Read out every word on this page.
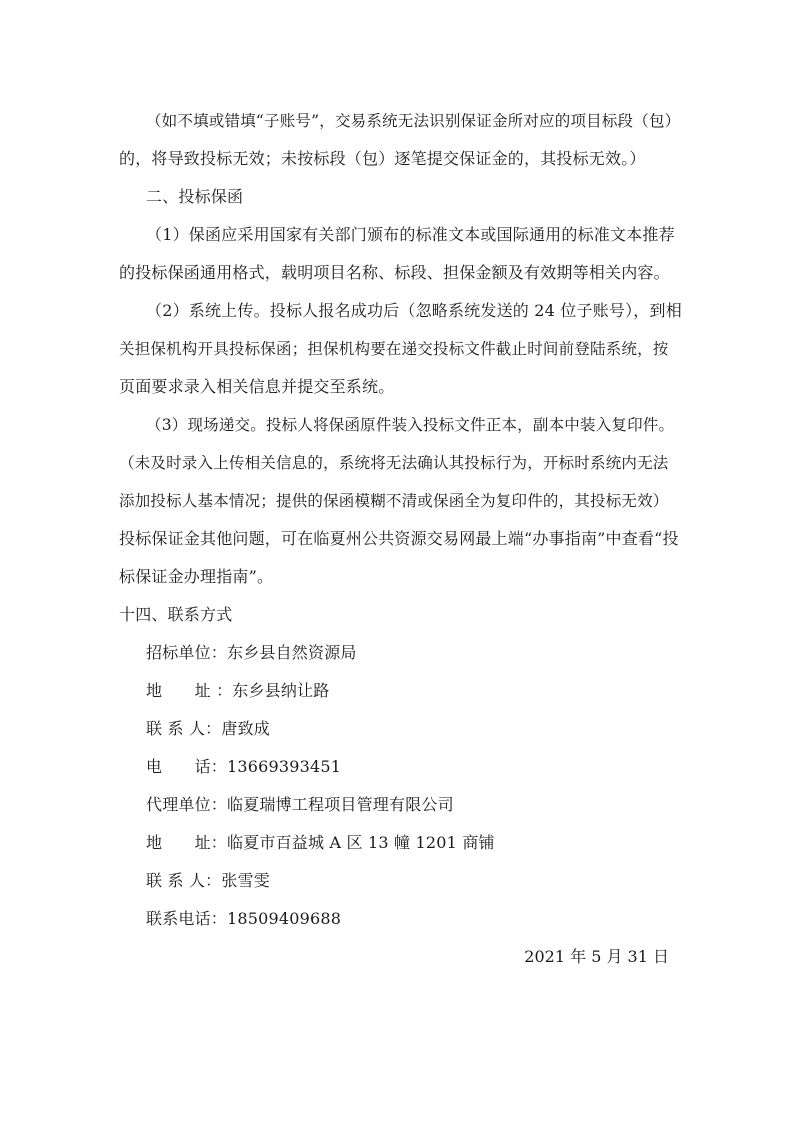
（如不填或错填“子账号”，交易系统无法识别保证金所对应的项目标段（包）
的，将导致投标无效；未按标段（包）逐笔提交保证金的，其投标无效。）
二、投标保函
（1）保函应采用国家有关部门颁布的标准文本或国际通用的标准文本推荐
的投标保函通用格式，载明项目名称、标段、担保金额及有效期等相关内容。
（2）系统上传。投标人报名成功后（忽略系统发送的 24 位子账号），到相
关担保机构开具投标保函；担保机构要在递交投标文件截止时间前登陆系统，按
页面要求录入相关信息并提交至系统。
（3）现场递交。投标人将保函原件装入投标文件正本，副本中装入复印件。
（未及时录入上传相关信息的，系统将无法确认其投标行为，开标时系统内无法
添加投标人基本情况；提供的保函模糊不清或保函全为复印件的，其投标无效）
投标保证金其他问题，可在临夏州公共资源交易网最上端“办事指南”中查看“投
标保证金办理指南”。
十四、联系方式
招标单位：东乡县自然资源局
地　　址 ：东乡县纳让路
联 系 人：唐致成
电　　话：13669393451
代理单位：临夏瑞博工程项目管理有限公司
地　　址：临夏市百益城 A 区 13 幢 1201 商铺
联 系 人：张雪雯
联系电话：18509409688
2021 年 5 月 31 日
